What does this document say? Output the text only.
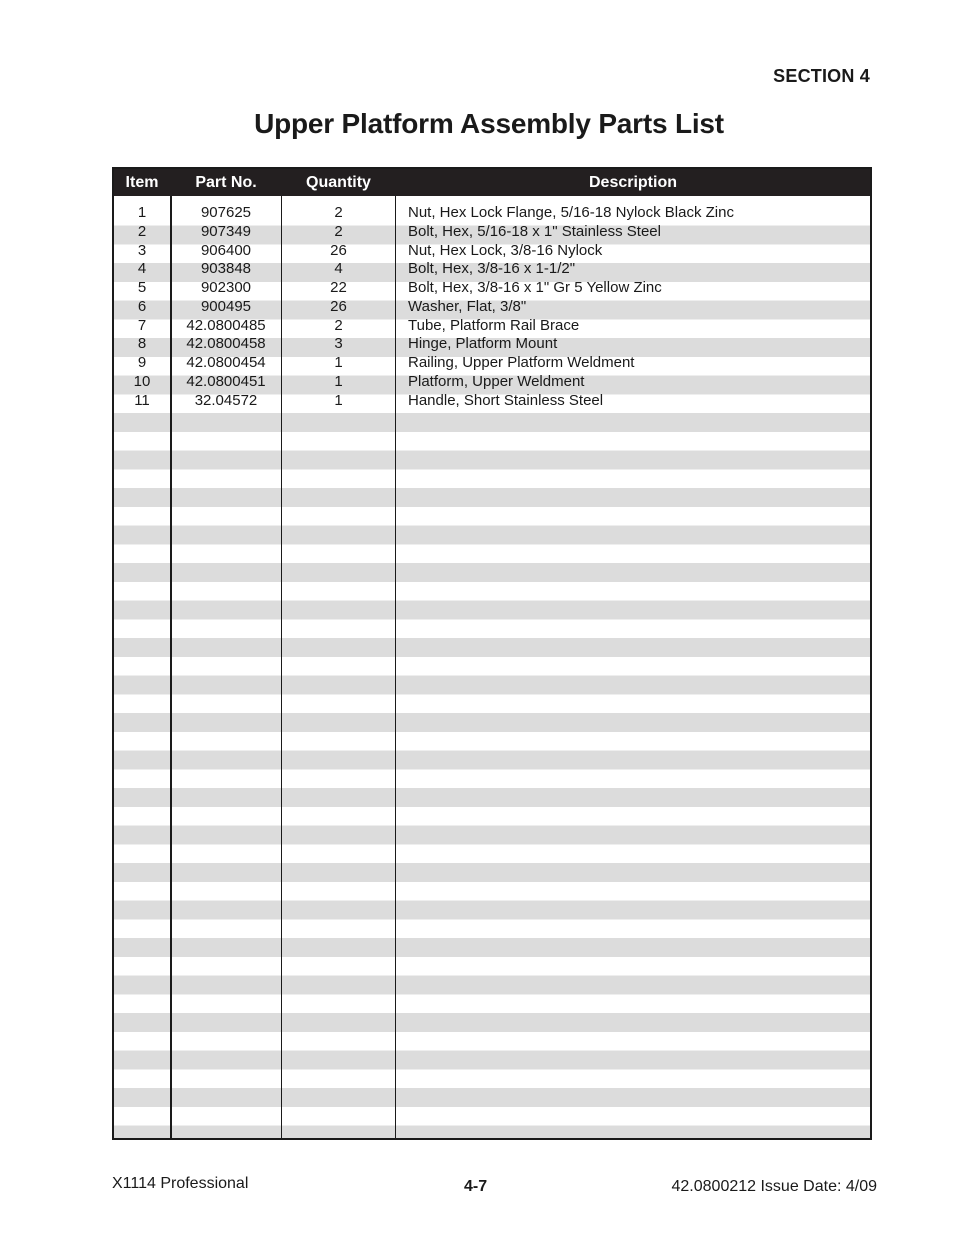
SECTION 4
Upper Platform Assembly Parts List
Item	Part No.	Quantity	Description
1	907625	2	Nut, Hex Lock Flange, 5/16-18 Nylock Black Zinc
2	907349	2	Bolt, Hex, 5/16-18 x 1" Stainless Steel
3	906400	26	Nut, Hex Lock, 3/8-16 Nylock
4	903848	4	Bolt, Hex, 3/8-16 x 1-1/2"
5	902300	22	Bolt, Hex, 3/8-16 x 1" Gr 5 Yellow Zinc
6	900495	26	Washer, Flat, 3/8"
7	42.0800485	2	Tube, Platform Rail Brace
8	42.0800458	3	Hinge, Platform Mount
9	42.0800454	1	Railing, Upper Platform Weldment
10	42.0800451	1	Platform, Upper Weldment
11	32.04572	1	Handle, Short Stainless Steel
X1114 Professional	4-7	42.0800212 Issue Date: 4/09
